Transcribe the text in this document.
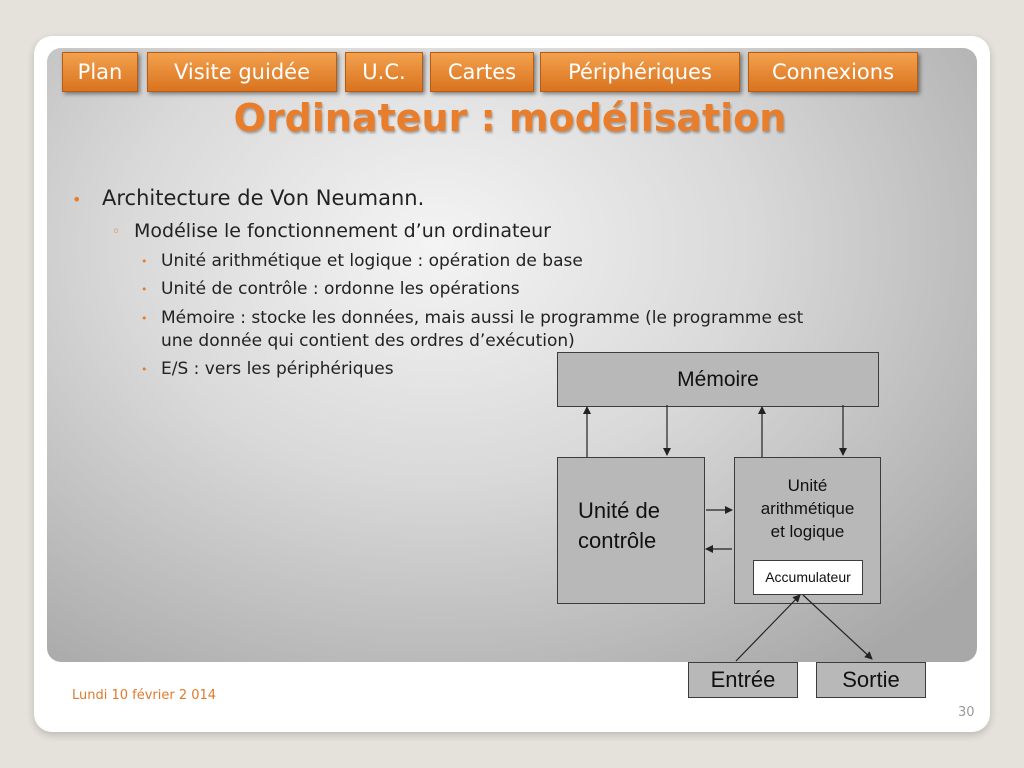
Plan	Visite guidée	U.C.	Cartes	Périphériques	Connexions
Ordinateur : modélisation
• Architecture de Von Neumann.
◦ Modélise le fonctionnement d’un ordinateur
• Unité arithmétique et logique : opération de base
• Unité de contrôle : ordonne les opérations
• Mémoire : stocke les données, mais aussi le programme (le programme est
une donnée qui contient des ordres d’exécution)
• E/S : vers les périphériques	Mémoire
Unité de
contrôle
Unité
arithmétique
et logique
Accumulateur
Entrée	Sortie
Lundi 10 février 2 014
30
